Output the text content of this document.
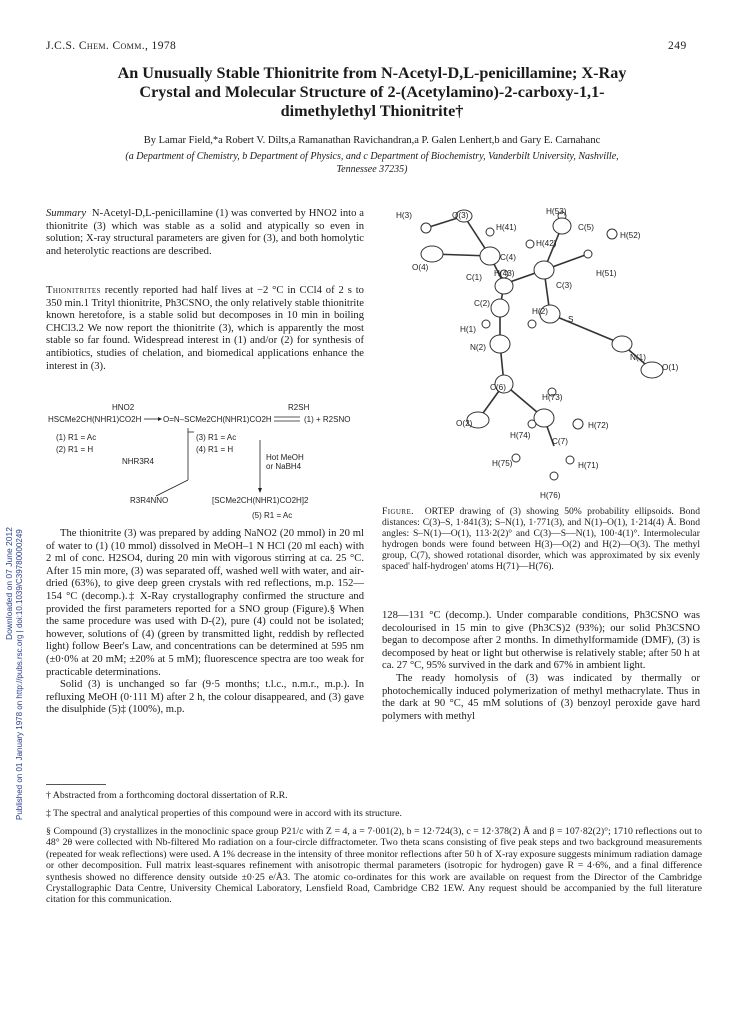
J.C.S. Chem. Comm., 1978	249
An Unusually Stable Thionitrite from N-Acetyl-D,L-penicillamine; X-Ray
Crystal and Molecular Structure of 2-(Acetylamino)-2-carboxy-1,1-
dimethylethyl Thionitrite†
By Lamar Field,*a Robert V. Dilts,a Ramanathan Ravichandran,a P. Galen Lenhert,b and Gary E. Carnahanc
(a Department of Chemistry, b Department of Physics, and c Department of Biochemistry, Vanderbilt University, Nashville,
Tennessee 37235)
Downloaded on 07 June 2012 Published on 01 January 1978 on http://pubs.rsc.org | doi:10.1039/C39780000249

Summary N-Acetyl-D,L-penicillamine (1) was converted by HNO2 into a thionitrite (3) which was stable as a solid and atypically so even in solution; X-ray structural parameters are given for (3), and both homolytic and heterolytic reactions are described.

Thionitrites recently reported had half lives at −2 °C in CCl4 of 2 s to 350 min.1 Trityl thionitrite, Ph3CSNO, the only relatively stable thionitrite known heretofore, is a stable solid but decomposes in 10 min in boiling CHCl3.2 We now report the thionitrite (3), which is apparently the most stable so far found. Widespread interest in (1) and/or (2) for synthesis of antibiotics, studies of chelation, and biomedical applications enhance the interest in (3).

HNO2
HSCMe2CH(NHR1)CO2H	O=N–SCMe2CH(NHR1)CO2H
R2SH
(1) + R2SNO
(1) R1 = Ac
(2) R1 = H
(3) R1 = Ac
(4) R1 = H
NHR3R4	Hot MeOH
or NaBH4
R3R4NNO	[SCMe2CH(NHR1)CO2H]2
(5) R1 = Ac

The thionitrite (3) was prepared by adding NaNO2 (20 mmol) in 20 ml of water to (1) (10 mmol) dissolved in MeOH–1 N HCl (20 ml each) with 2 ml of conc. H2SO4, during 20 min with vigorous stirring at ca. 25 °C. After 15 min more, (3) was separated off, washed well with water, and air-dried (63%), to give deep green crystals with red reflections, m.p. 152—154 °C (decomp.).‡ X-Ray crystallography confirmed the structure and provided the first parameters reported for a SNO group (Figure).§ When the same procedure was used with D-(2), pure (4) could not be isolated; however, solutions of (4) (green by transmitted light, reddish by reflected light) follow Beer's Law, and concentrations can be determined at 595 nm (±0·0% at 20 mM; ±20% at 5 mM); fluorescence spectra are too weak for practicable determinations.

Solid (3) is unchanged so far (9·5 months; t.l.c., n.m.r., m.p.). In refluxing MeOH (0·111 M) after 2 h, the colour disappeared, and (3) gave the disulphide (5)‡ (100%), m.p.

H(3)	O(3)
H(41)
H(53)
C(5)
H(52)
H(42)
O(4)
C(4)
C(1) H(43)	H(51)
C(3)
C(2)
H(2)
S
H(1)
N(1)
N(2)
O(1)
C(6)
H(73)
O(2)	H(72)
H(74)
C(7)
H(75)	H(71)
H(76)
Figure. ORTEP drawing of (3) showing 50% probability ellipsoids. Bond distances: C(3)–S, 1·841(3); S–N(1), 1·771(3), and N(1)–O(1), 1·214(4) Å. Bond angles: S–N(1)—O(1), 113·2(2)° and C(3)—S—N(1), 100·4(1)°. Intermolecular hydrogen bonds were found between H(3)—O(2) and H(2)—O(3). The methyl group, C(7), showed rotational disorder, which was approximated by six evenly spaced' half-hydrogen' atoms H(71)—H(76).

128—131 °C (decomp.). Under comparable conditions, Ph3CSNO was decolourised in 15 min to give (Ph3CS)2 (93%); our solid Ph3CSNO began to decompose after 2 months. In dimethylformamide (DMF), (3) is decomposed by heat or light but otherwise is relatively stable; after 50 h at ca. 27 °C, 95% survived in the dark and 67% in ambient light.

The ready homolysis of (3) was indicated by thermally or photochemically induced polymerization of methyl methacrylate. Thus in the dark at 90 °C, 45 mM solutions of (3) benzoyl peroxide gave hard polymers with methyl

† Abstracted from a forthcoming doctoral dissertation of R.R.
‡ The spectral and analytical properties of this compound were in accord with its structure.
§ Compound (3) crystallizes in the monoclinic space group P21/c with Z = 4, a = 7·001(2), b = 12·724(3), c = 12·378(2) Å and β = 107·82(2)°; 1710 reflections out to 48° 2θ were collected with Nb-filtered Mo radiation on a four-circle diffractometer. Two theta scans consisting of five peak steps and two background measurements (repeated for weak reflections) were used. A 1% decrease in the intensity of three monitor reflections after 50 h of X-ray exposure suggests minimum radiation damage or other decomposition. Full matrix least-squares refinement with anisotropic thermal parameters (isotropic for hydrogen) gave R = 4·6%, and a final difference synthesis showed no difference density outside ±0·25 e/Å3. The atomic co-ordinates for this work are available on request from the Director of the Cambridge Crystallographic Data Centre, University Chemical Laboratory, Lensfield Road, Cambridge CB2 1EW. Any request should be accompanied by the full literature citation for this communication.
